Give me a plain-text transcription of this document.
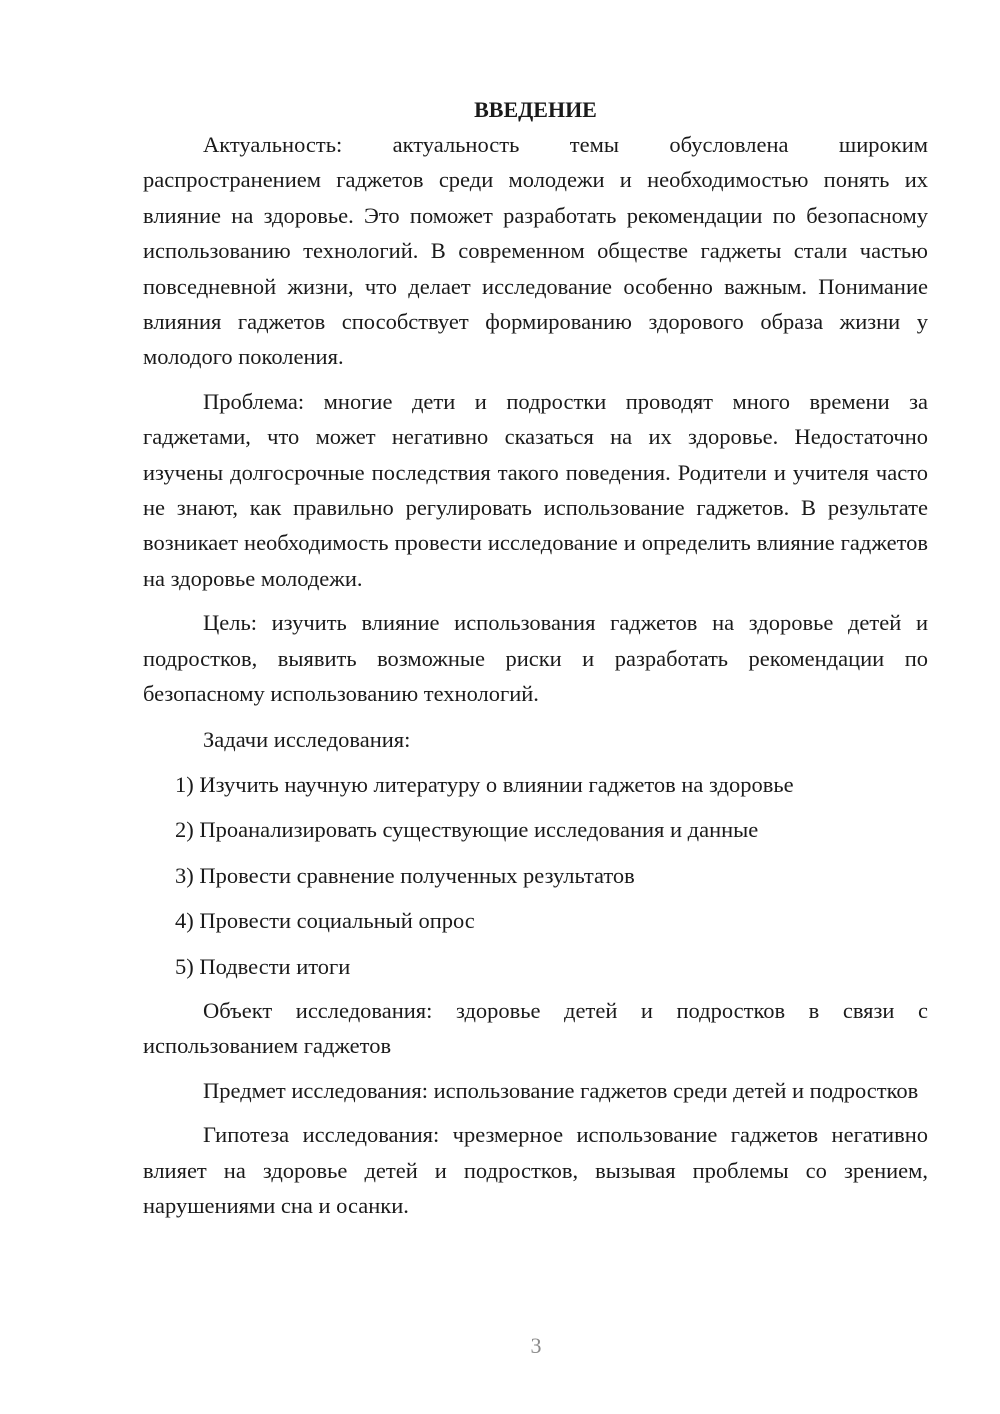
ВВЕДЕНИЕ

Актуальность: актуальность темы обусловлена широким распространением гаджетов среди молодежи и необходимостью понять их влияние на здоровье. Это поможет разработать рекомендации по безопасному использованию технологий. В современном обществе гаджеты стали частью повседневной жизни, что делает исследование особенно важным. Понимание влияния гаджетов способствует формированию здорового образа жизни у молодого поколения.

Проблема: многие дети и подростки проводят много времени за гаджетами, что может негативно сказаться на их здоровье. Недостаточно изучены долгосрочные последствия такого поведения. Родители и учителя часто не знают, как правильно регулировать использование гаджетов. В результате возникает необходимость провести исследование и определить влияние гаджетов на здоровье молодежи.

Цель: изучить влияние использования гаджетов на здоровье детей и подростков, выявить возможные риски и разработать рекомендации по безопасному использованию технологий.

Задачи исследования:

1) Изучить научную литературу о влиянии гаджетов на здоровье
2) Проанализировать существующие исследования и данные
3) Провести сравнение полученных результатов
4) Провести социальный опрос
5) Подвести итоги

Объект исследования: здоровье детей и подростков в связи с использованием гаджетов

Предмет исследования: использование гаджетов среди детей и подростков

Гипотеза исследования: чрезмерное использование гаджетов негативно влияет на здоровье детей и подростков, вызывая проблемы со зрением, нарушениями сна и осанки.

3
